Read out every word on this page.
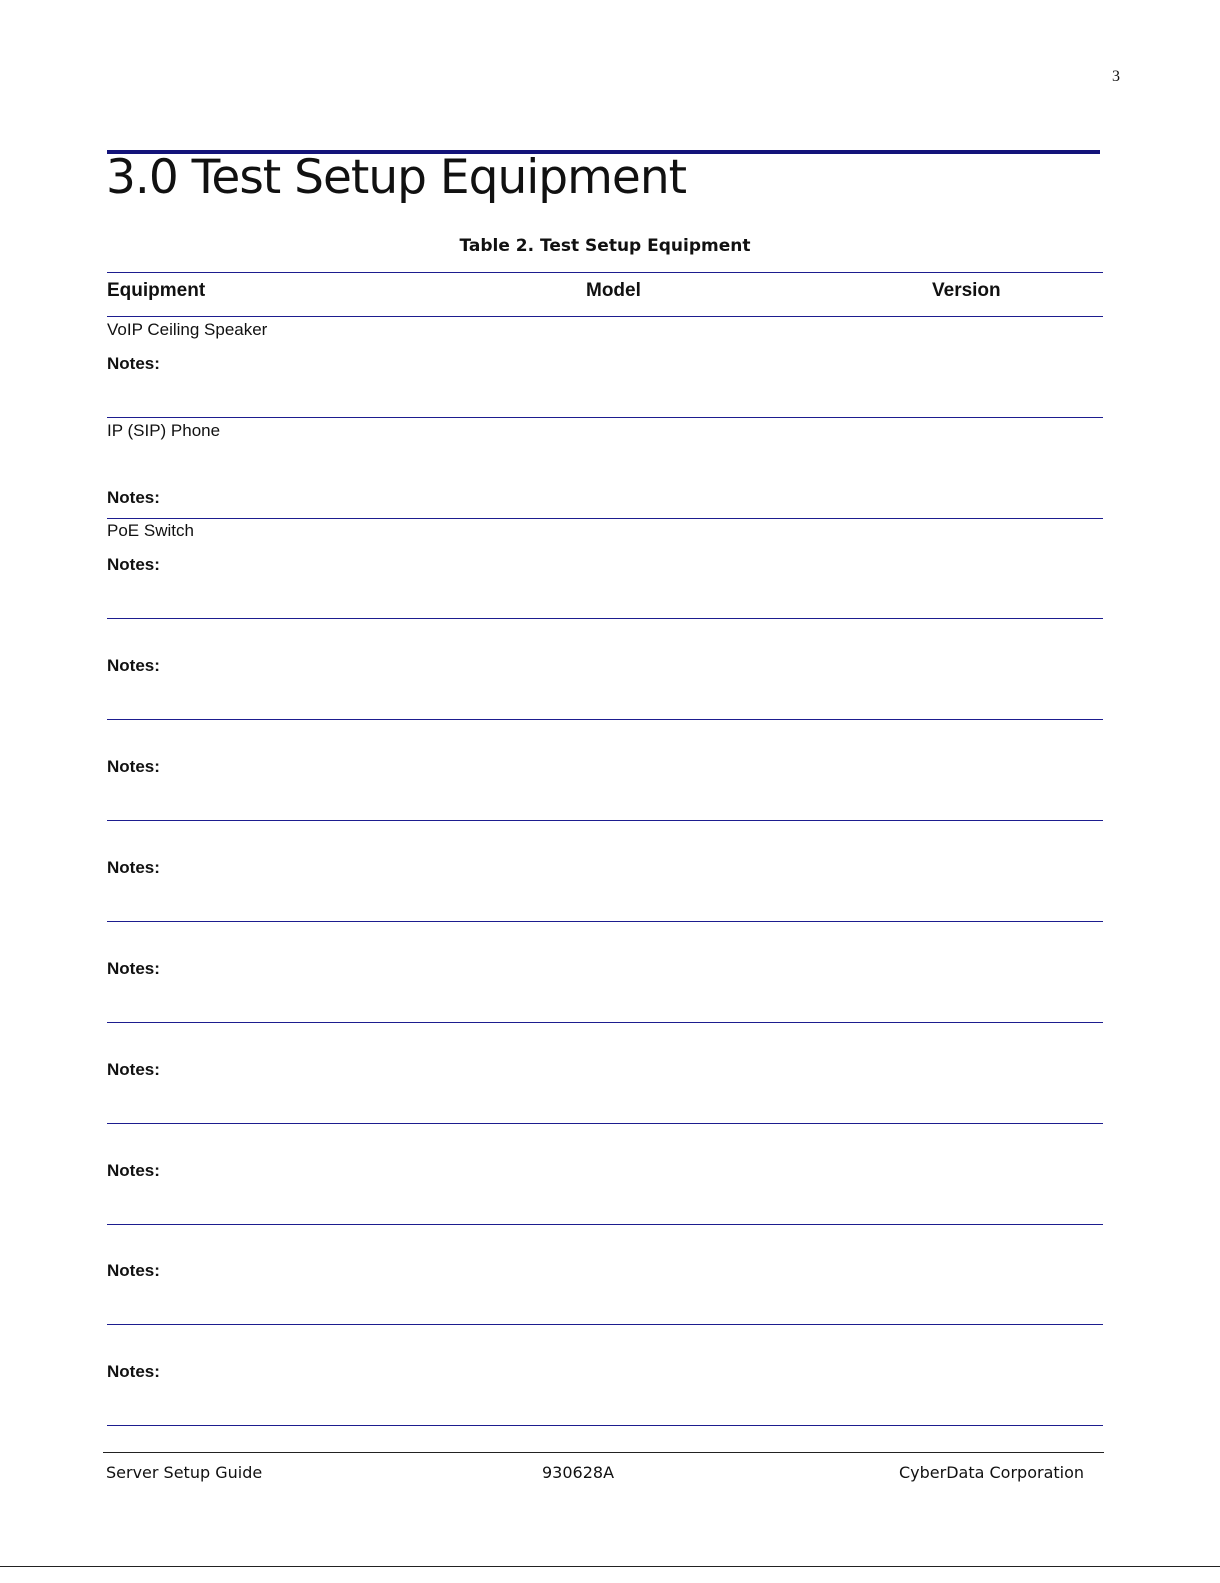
3
3.0 Test Setup Equipment
Table 2. Test Setup Equipment
Equipment	Model	Version
VoIP Ceiling Speaker
Notes:
IP (SIP) Phone
Notes:
PoE Switch
Notes:
Notes:
Notes:
Notes:
Notes:
Notes:
Notes:
Notes:
Notes:
Server Setup Guide	930628A	CyberData Corporation
